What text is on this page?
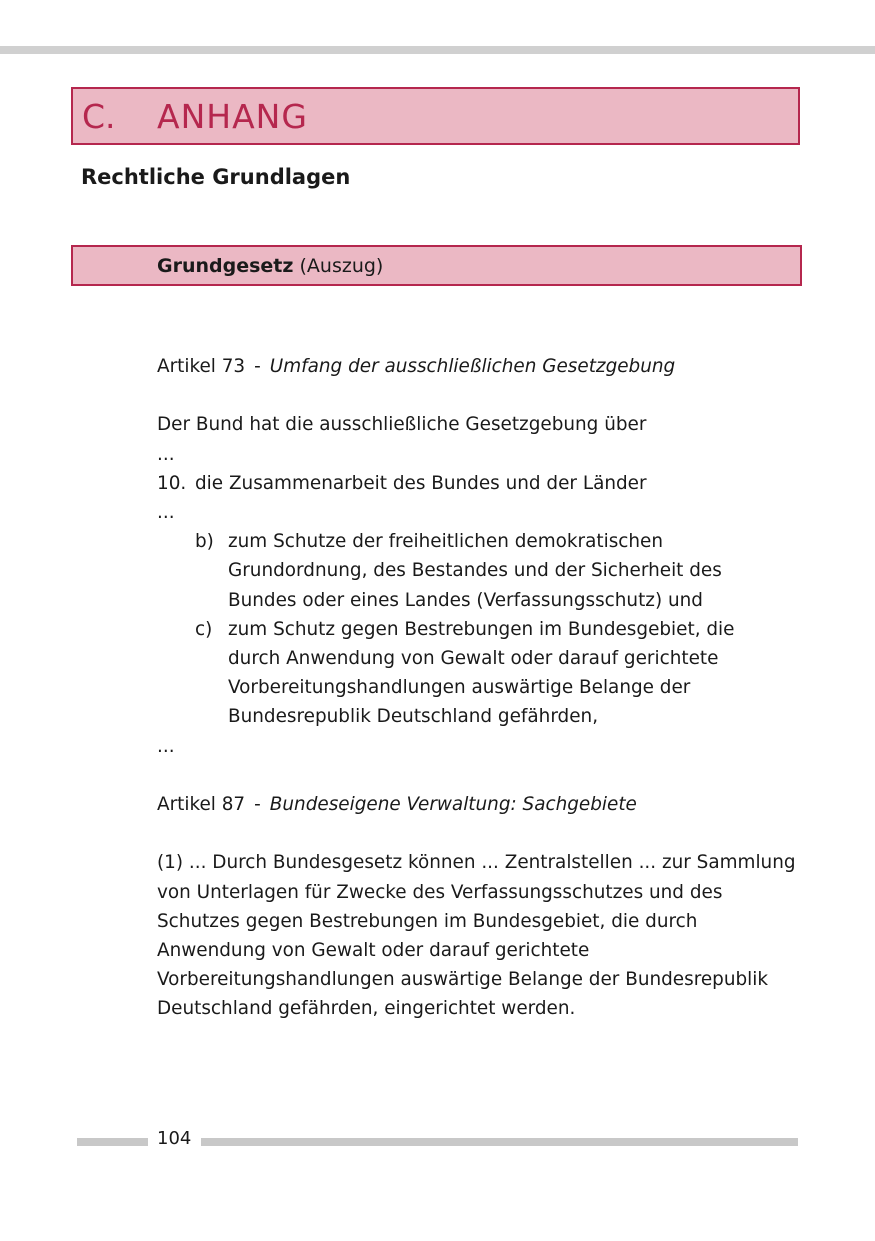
C. ANHANG
Rechtliche Grundlagen
Grundgesetz (Auszug)
Artikel 73 - Umfang der ausschließlichen Gesetzgebung
Der Bund hat die ausschließliche Gesetzgebung über
...
10. die Zusammenarbeit des Bundes und der Länder
...
b) zum Schutze der freiheitlichen demokratischen
Grundordnung, des Bestandes und der Sicherheit des
Bundes oder eines Landes (Verfassungsschutz) und
c) zum Schutz gegen Bestrebungen im Bundesgebiet, die
durch Anwendung von Gewalt oder darauf gerichtete
Vorbereitungshandlungen auswärtige Belange der
Bundesrepublik Deutschland gefährden,
...
Artikel 87 - Bundeseigene Verwaltung: Sachgebiete
(1) ... Durch Bundesgesetz können ... Zentralstellen ... zur Sammlung
von Unterlagen für Zwecke des Verfassungsschutzes und des
Schutzes gegen Bestrebungen im Bundesgebiet, die durch
Anwendung von Gewalt oder darauf gerichtete
Vorbereitungshandlungen auswärtige Belange der Bundesrepublik
Deutschland gefährden, eingerichtet werden.
104
